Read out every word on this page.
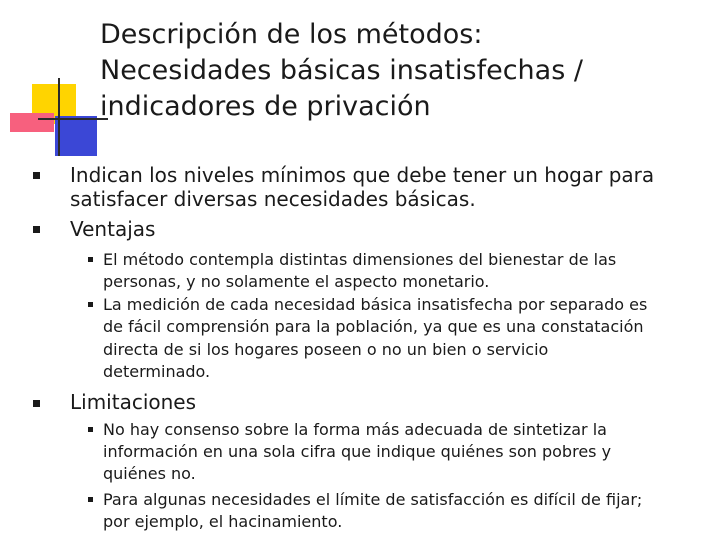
Descripción de los métodos:
Necesidades básicas insatisfechas /
indicadores de privación
Indican los niveles mínimos que debe tener un hogar para
satisfacer diversas necesidades básicas.
Ventajas
El método contempla distintas dimensiones del bienestar de las
personas, y no solamente el aspecto monetario.
La medición de cada necesidad básica insatisfecha por separado es
de fácil comprensión para la población, ya que es una constatación
directa de si los hogares poseen o no un bien o servicio
determinado.
Limitaciones
No hay consenso sobre la forma más adecuada de sintetizar la
información en una sola cifra que indique quiénes son pobres y
quiénes no.
Para algunas necesidades el límite de satisfacción es difícil de fijar;
por ejemplo, el hacinamiento.
